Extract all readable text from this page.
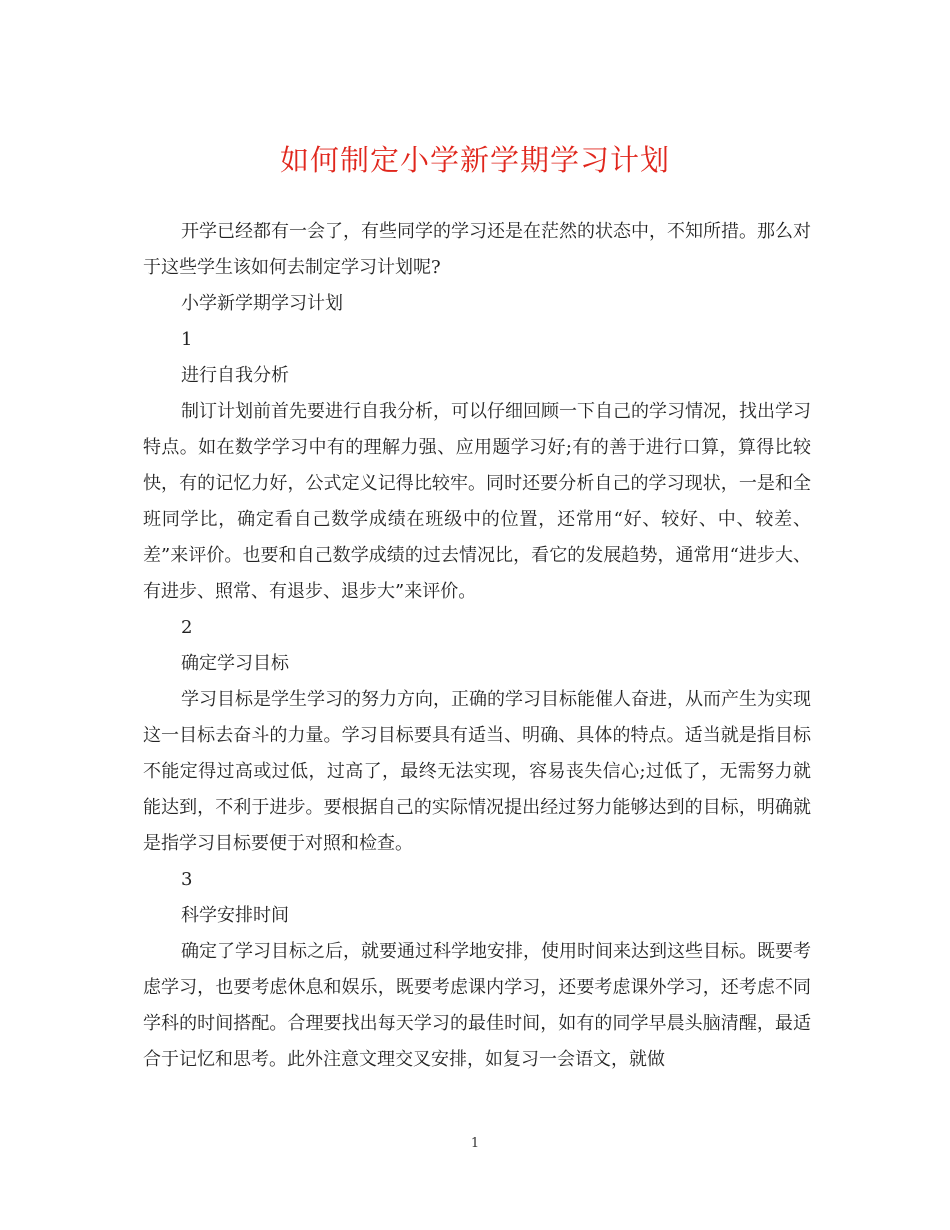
如何制定小学新学期学习计划

开学已经都有一会了，有些同学的学习还是在茫然的状态中，不知所措。那么对于这些学生该如何去制定学习计划呢?

小学新学期学习计划

1

进行自我分析

制订计划前首先要进行自我分析，可以仔细回顾一下自己的学习情况，找出学习特点。如在数学学习中有的理解力强、应用题学习好;有的善于进行口算，算得比较快，有的记忆力好，公式定义记得比较牢。同时还要分析自己的学习现状，一是和全班同学比，确定看自己数学成绩在班级中的位置，还常用“好、较好、中、较差、差”来评价。也要和自己数学成绩的过去情况比，看它的发展趋势，通常用“进步大、有进步、照常、有退步、退步大”来评价。

2

确定学习目标

学习目标是学生学习的努力方向，正确的学习目标能催人奋进，从而产生为实现这一目标去奋斗的力量。学习目标要具有适当、明确、具体的特点。适当就是指目标不能定得过高或过低，过高了，最终无法实现，容易丧失信心;过低了，无需努力就能达到，不利于进步。要根据自己的实际情况提出经过努力能够达到的目标，明确就是指学习目标要便于对照和检查。

3

科学安排时间

确定了学习目标之后，就要通过科学地安排，使用时间来达到这些目标。既要考虑学习，也要考虑休息和娱乐，既要考虑课内学习，还要考虑课外学习，还考虑不同学科的时间搭配。合理要找出每天学习的最佳时间，如有的同学早晨头脑清醒，最适合于记忆和思考。此外注意文理交叉安排，如复习一会语文，就做

1
